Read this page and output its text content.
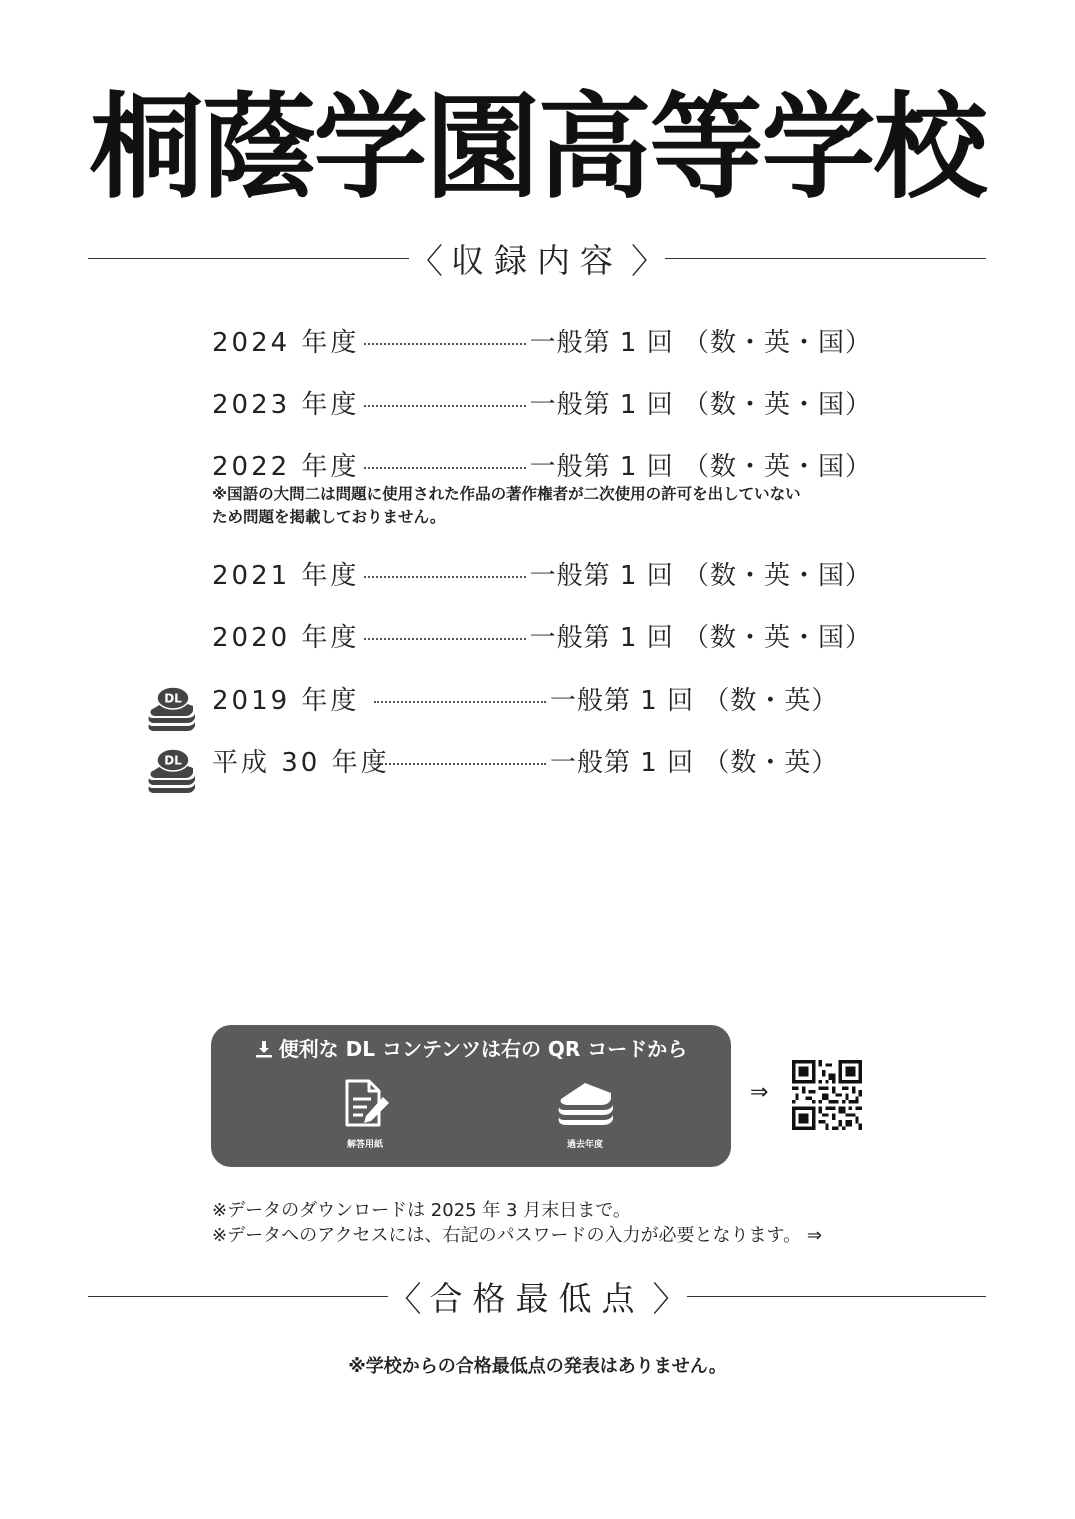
桐蔭学園高等学校
〈 収録内容 〉
2024 年度	一般第 1 回 （数・英・国）
2023 年度	一般第 1 回 （数・英・国）
2022 年度	一般第 1 回 （数・英・国）
※国語の大問二は問題に使用された作品の著作権者が二次使用の許可を出していない
ため問題を掲載しておりません。
2021 年度	一般第 1 回 （数・英・国）
2020 年度	一般第 1 回 （数・英・国）
DL 2019 年度	一般第 1 回 （数・英）
DL 平成 30 年度	一般第 1 回 （数・英）
便利な DL コンテンツは右の QR コードから
解答用紙	過去年度
⇒
※データのダウンロードは 2025 年 3 月末日まで。
※データへのアクセスには、右記のパスワードの入力が必要となります。 ⇒
〈 合格最低点 〉
※学校からの合格最低点の発表はありません。
